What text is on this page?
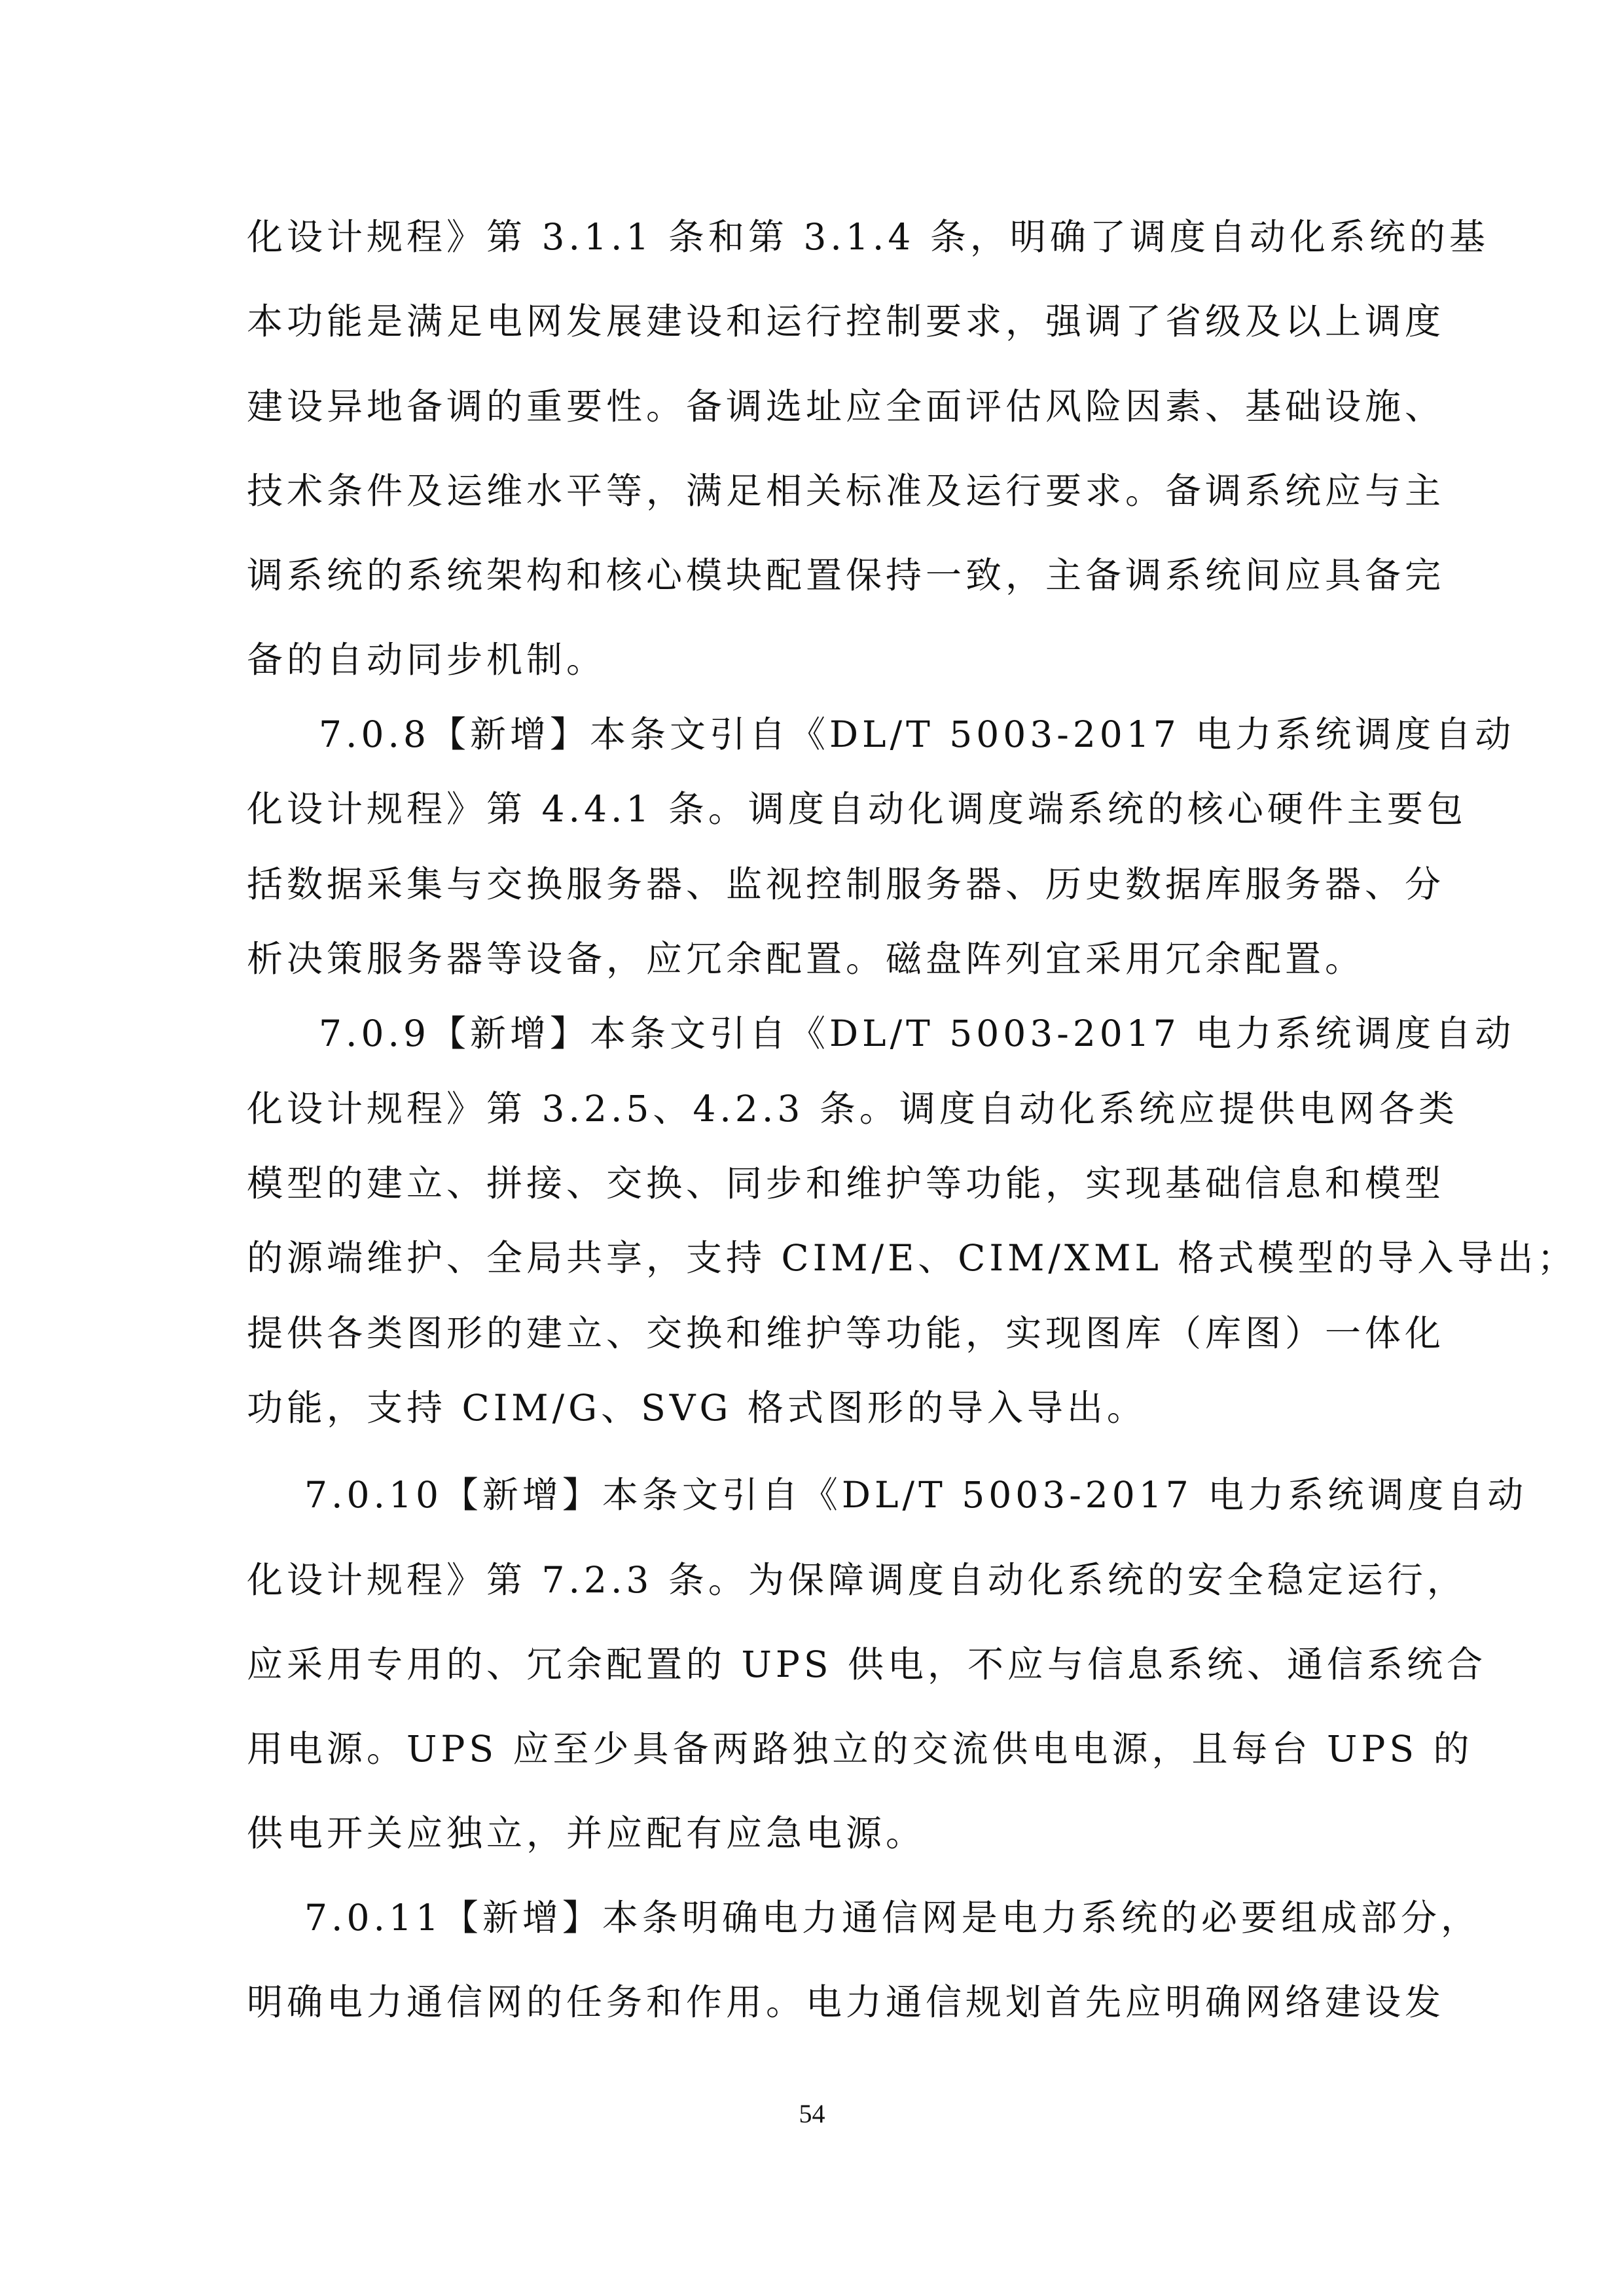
化设计规程》第 3.1.1 条和第 3.1.4 条，明确了调度自动化系统的基
本功能是满足电网发展建设和运行控制要求，强调了省级及以上调度
建设异地备调的重要性。备调选址应全面评估风险因素、基础设施、
技术条件及运维水平等，满足相关标准及运行要求。备调系统应与主
调系统的系统架构和核心模块配置保持一致，主备调系统间应具备完
备的自动同步机制。
7.0.8【新增】本条文引自《DL/T 5003-2017 电力系统调度自动
化设计规程》第 4.4.1 条。调度自动化调度端系统的核心硬件主要包
括数据采集与交换服务器、监视控制服务器、历史数据库服务器、分
析决策服务器等设备，应冗余配置。磁盘阵列宜采用冗余配置。
7.0.9【新增】本条文引自《DL/T 5003-2017 电力系统调度自动
化设计规程》第 3.2.5、4.2.3 条。调度自动化系统应提供电网各类
模型的建立、拼接、交换、同步和维护等功能，实现基础信息和模型
的源端维护、全局共享，支持 CIM/E、CIM/XML 格式模型的导入导出；
提供各类图形的建立、交换和维护等功能，实现图库（库图）一体化
功能，支持 CIM/G、SVG 格式图形的导入导出。
7.0.10【新增】本条文引自《DL/T 5003-2017 电力系统调度自动
化设计规程》第 7.2.3 条。为保障调度自动化系统的安全稳定运行，
应采用专用的、冗余配置的 UPS 供电，不应与信息系统、通信系统合
用电源。UPS 应至少具备两路独立的交流供电电源，且每台 UPS 的
供电开关应独立，并应配有应急电源。
7.0.11【新增】本条明确电力通信网是电力系统的必要组成部分，
明确电力通信网的任务和作用。电力通信规划首先应明确网络建设发
54
